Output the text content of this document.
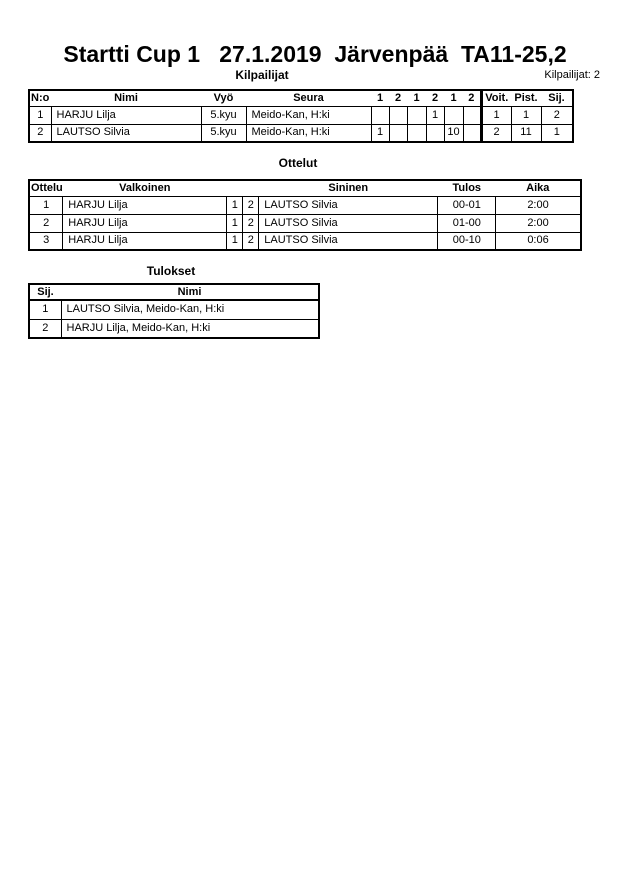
Startti Cup 1   27.1.2019  Järvenpää  TA11-25,2
Kilpailijat	Kilpailijat: 2
N:o	Nimi	Vyö	Seura	1	2	1	2	1	2	Voit.	Pist.	Sij.
1	HARJU Lilja	5.kyu	Meido-Kan, H:ki				1			1	1	2
2	LAUTSO Silvia	5.kyu	Meido-Kan, H:ki	1				10		2	11	1
Ottelut
Ottelu	Valkoinen			Sininen	Tulos	Aika
1	HARJU Lilja	1	2	LAUTSO Silvia	00-01	2:00
2	HARJU Lilja	1	2	LAUTSO Silvia	01-00	2:00
3	HARJU Lilja	1	2	LAUTSO Silvia	00-10	0:06
Tulokset
Sij.	Nimi
1	LAUTSO Silvia, Meido-Kan, H:ki
2	HARJU Lilja, Meido-Kan, H:ki
